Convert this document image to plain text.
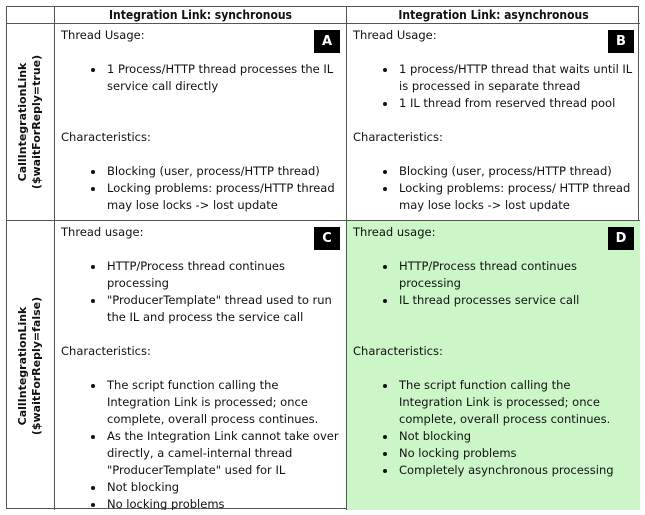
Integration Link: synchronous	Integration Link: asynchronous
CallIntegrationLink ($waitForReply=true)
A

Thread Usage:

• 1 Process/HTTP thread processes the IL service call directly

Characteristics:

• Blocking (user, process/HTTP thread)
• Locking problems: process/HTTP thread may lose locks -> lost update
B

Thread Usage:

• 1 process/HTTP thread that waits until IL is processed in separate thread
• 1 IL thread from reserved thread pool

Characteristics:

• Blocking (user, process/HTTP thread)
• Locking problems: process/ HTTP thread may lose locks -> lost update
CallIntegrationLink ($waitForReply=false)
C

Thread usage:

• HTTP/Process thread continues processing
• "ProducerTemplate" thread used to run the IL and process the service call

Characteristics:

• The script function calling the Integration Link is processed; once complete, overall process continues.
• As the Integration Link cannot take over directly, a camel-internal thread "ProducerTemplate" used for IL
• Not blocking
• No locking problems
D

Thread usage:

• HTTP/Process thread continues processing
• IL thread processes service call

Characteristics:

• The script function calling the Integration Link is processed; once complete, overall process continues.
• Not blocking
• No locking problems
• Completely asynchronous processing
